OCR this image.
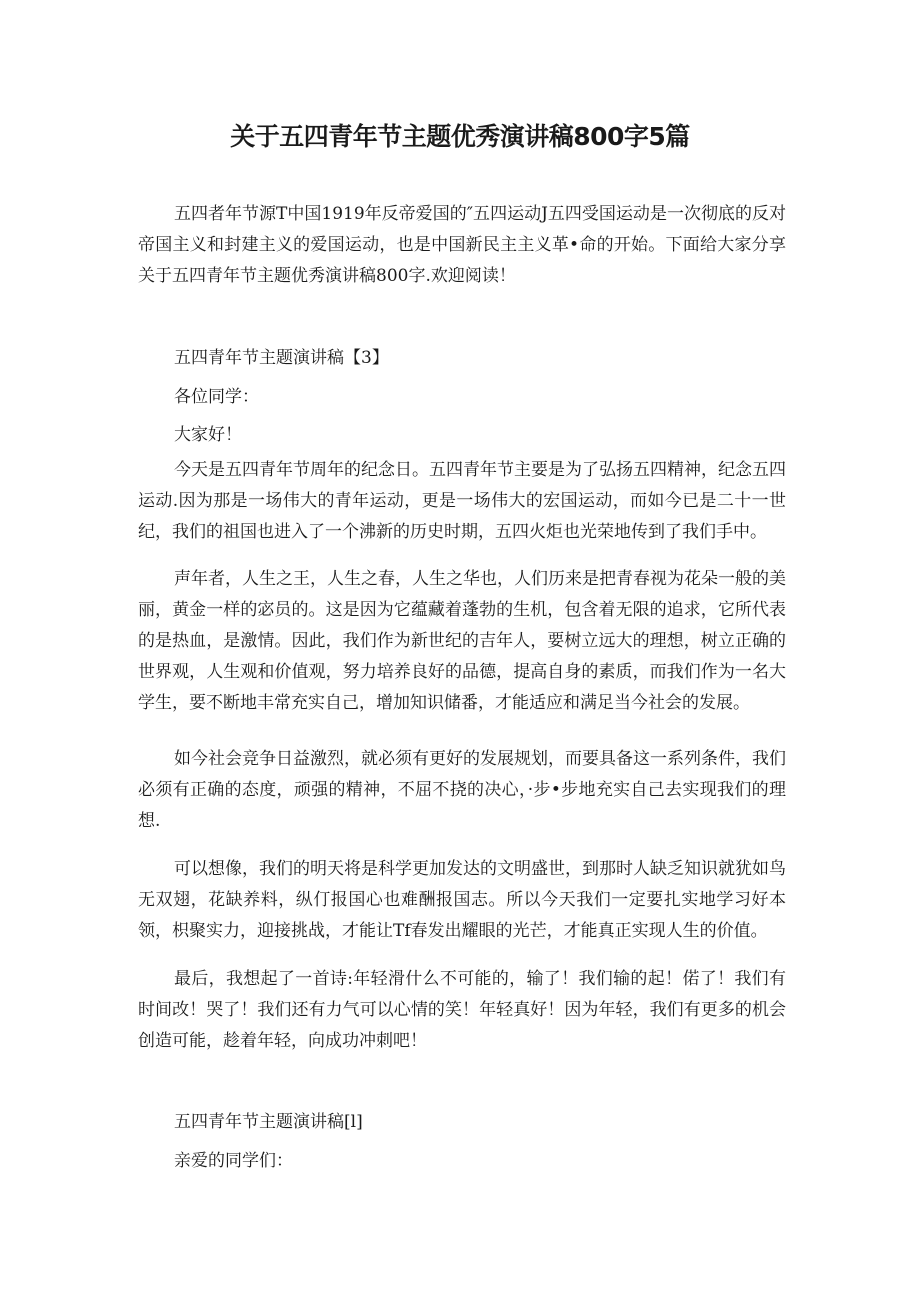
关于五四青年节主题优秀演讲稿800字5篇

五四者年节源T中国1919年反帝爱国的″五四运动J五四受国运动是一次彻底的反对帝国主义和封建主义的爱国运动，也是中国新民主主义革•命的开始。下面给大家分享关于五四青年节主题优秀演讲稿800字.欢迎阅读！

五四青年节主题演讲稿【3】

各位同学：

大家好！

今天是五四青年节周年的纪念日。五四青年节主要是为了弘扬五四精神，纪念五四运动.因为那是一场伟大的青年运动，更是一场伟大的宏国运动，而如今已是二十一世纪，我们的祖国也进入了一个沸新的历史时期，五四火炬也光荣地传到了我们手中。

声年者，人生之王，人生之春，人生之华也，人们历来是把青春视为花朵一般的美丽，黄金一样的宓员的。这是因为它蕴藏着蓬勃的生机，包含着无限的追求，它所代表的是热血，是激情。因此，我们作为新世纪的吉年人，要树立远大的理想，树立正确的世界观，人生观和价值观，努力培养良好的品德，提高自身的素质，而我们作为一名大学生，要不断地丰常充实自己，增加知识储番，才能适应和满足当今社会的发展。

如今社会竞争日益激烈，就必须有更好的发展规划，而要具备这一系列条件，我们必须有正确的态度，顽强的精神，不屈不挠的决心，·步•步地充实自己去实现我们的理想.

可以想像，我们的明天将是科学更加发达的文明盛世，到那时人缺乏知识就犹如鸟无双翅，花缺养料，纵仃报国心也难酬报国志。所以今天我们一定要扎实地学习好本领，枳聚实力，迎接挑战，才能让Tf春发出耀眼的光芒，才能真正实现人生的价值。

最后，我想起了一首诗:年轻滑什么不可能的，输了！我们输的起！偌了！我们有时间改！哭了！我们还有力气可以心情的笑！年轻真好！因为年轻，我们有更多的机会创造可能，趁着年轻，向成功冲刺吧！

五四青年节主题演讲稿[l]

亲爱的同学们：
